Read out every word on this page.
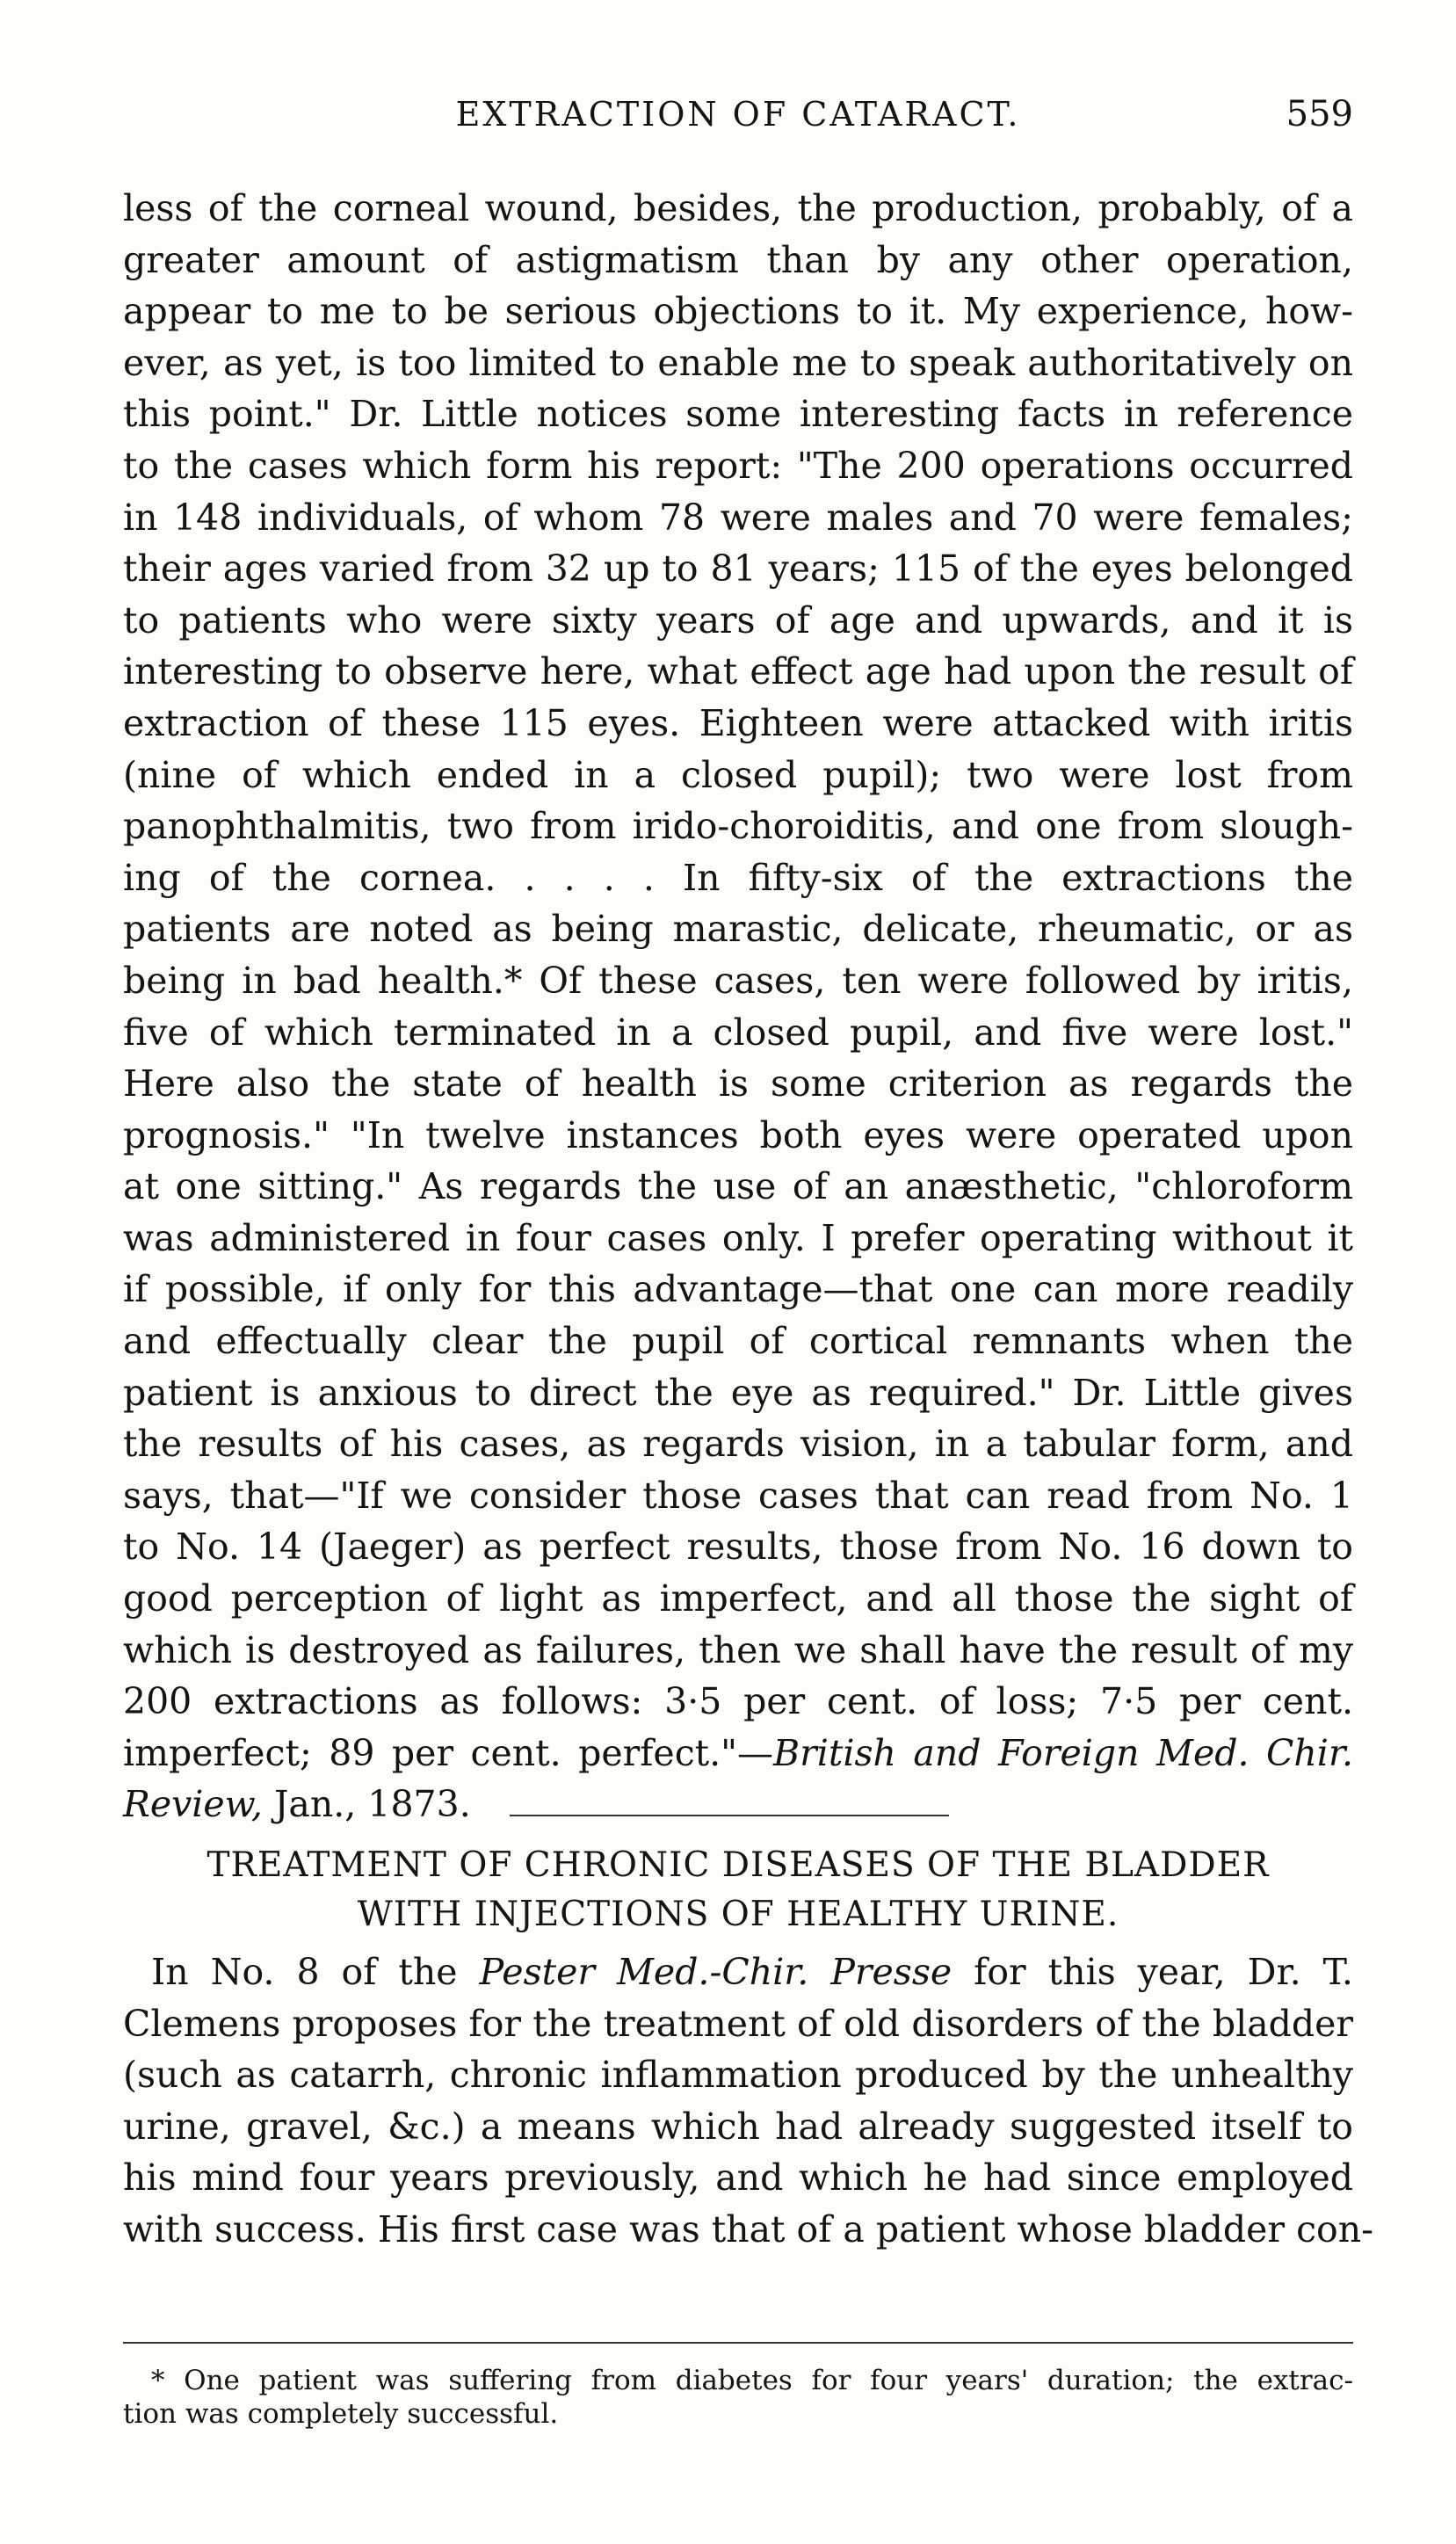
EXTRACTION OF CATARACT.	559
less of the corneal wound, besides, the production, probably, of a
greater amount of astigmatism than by any other operation,
appear to me to be serious objections to it. My experience, how-
ever, as yet, is too limited to enable me to speak authoritatively on
this point." Dr. Little notices some interesting facts in reference
to the cases which form his report: "The 200 operations occurred
in 148 individuals, of whom 78 were males and 70 were females;
their ages varied from 32 up to 81 years; 115 of the eyes belonged
to patients who were sixty years of age and upwards, and it is
interesting to observe here, what effect age had upon the result of
extraction of these 115 eyes. Eighteen were attacked with iritis
(nine of which ended in a closed pupil); two were lost from
panophthalmitis, two from irido-choroiditis, and one from slough-
ing of the cornea. . . . . In fifty-six of the extractions the
patients are noted as being marastic, delicate, rheumatic, or as
being in bad health.* Of these cases, ten were followed by iritis,
five of which terminated in a closed pupil, and five were lost."
Here also the state of health is some criterion as regards the
prognosis." "In twelve instances both eyes were operated upon
at one sitting." As regards the use of an anæsthetic, "chloroform
was administered in four cases only. I prefer operating without it
if possible, if only for this advantage—that one can more readily
and effectually clear the pupil of cortical remnants when the
patient is anxious to direct the eye as required." Dr. Little gives
the results of his cases, as regards vision, in a tabular form, and
says, that—"If we consider those cases that can read from No. 1
to No. 14 (Jaeger) as perfect results, those from No. 16 down to
good perception of light as imperfect, and all those the sight of
which is destroyed as failures, then we shall have the result of my
200 extractions as follows: 3·5 per cent. of loss; 7·5 per cent.
imperfect; 89 per cent. perfect."—British and Foreign Med. Chir.
Review, Jan., 1873.
TREATMENT OF CHRONIC DISEASES OF THE BLADDER
WITH INJECTIONS OF HEALTHY URINE.
In No. 8 of the Pester Med.-Chir. Presse for this year, Dr. T.
Clemens proposes for the treatment of old disorders of the bladder
(such as catarrh, chronic inflammation produced by the unhealthy
urine, gravel, &c.) a means which had already suggested itself to
his mind four years previously, and which he had since employed
with success. His first case was that of a patient whose bladder con-
* One patient was suffering from diabetes for four years' duration; the extrac-
tion was completely successful.
